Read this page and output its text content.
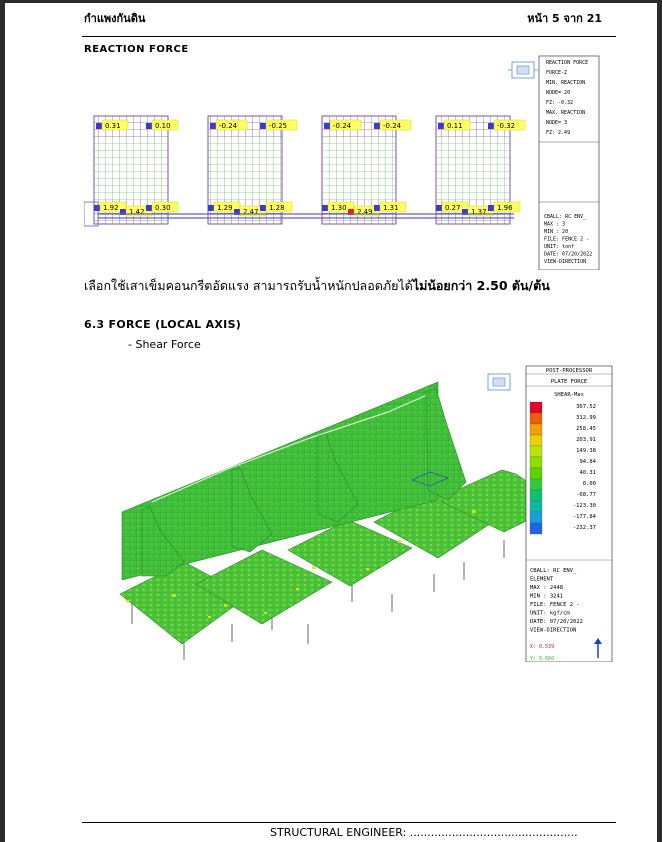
กำแพงกันดิน	หน้า 5 จาก 21
REACTION FORCE
0.31	0.10
1.92 1.42 0.30
-0.24	-0.25
1.29 2.47 1.28
-0.24	-0.24
1.30 2.49 1.31
0.11	-0.32
0.27 1.37 1.96
REACTION FORCE
FORCE-Z
MIN. REACTION
NODE= 20
FZ: -0.32
MAX. REACTION
NODE= 3
FZ: 2.49
CBALL: RC ENV_
MAX : 3
MIN : 20
FILE: FENCE 2 -
UNIT: tonf
DATE: 07/20/2022
VIEW-DIRECTION
เลือกใช้เสาเข็มคอนกรีตอัดแรง สามารถรับน้ำหนักปลอดภัยได้ไม่น้อยกว่า 2.50 ตัน/ต้น
6.3 FORCE (LOCAL AXIS)
- Shear Force
POST-PROCESSOR
PLATE FORCE
SHEAR-Max
367.52
312.99
258.45
203.91
149.38
94.84
40.31
0.00
-68.77
-123.30
-177.84
-232.37
CBALL: RC ENV_
ELEMENT
MAX : 2448
MIN : 3241
FILE: FENCE 2 -
UNIT: kgf/cm
DATE: 07/20/2022
VIEW-DIRECTION
X: 0.539
Y: 0.660
STRUCTURAL ENGINEER: ................................................
